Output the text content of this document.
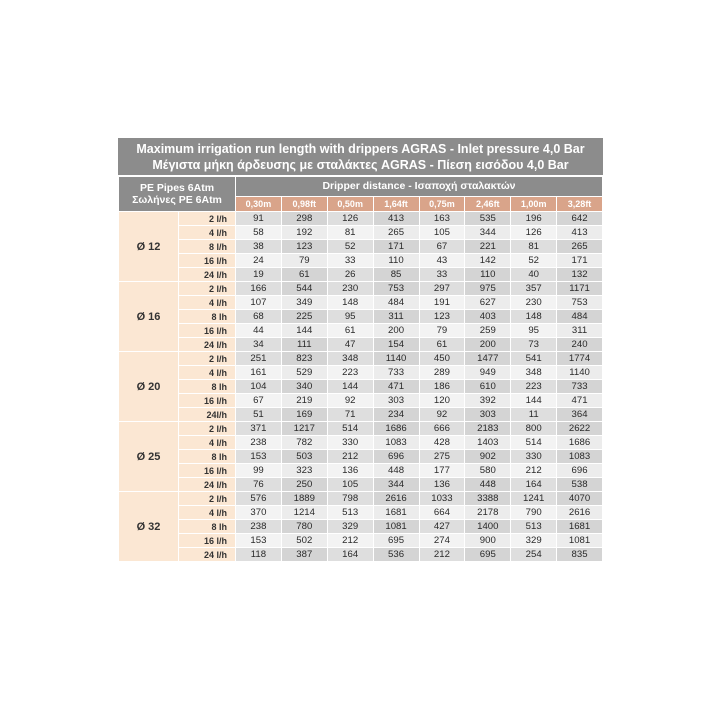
Maximum irrigation run length with drippers AGRAS - Inlet pressure 4,0 Bar
Μέγιστα μήκη άρδευσης με σταλάκτες AGRAS - Πίεση εισόδου 4,0 Bar
PE Pipes 6Atm
Σωλήνες PE 6Atm		Dripper distance - Ισαποχή σταλακτών							
		0,30m	0,98ft	0,50m	1,64ft	0,75m	2,46ft	1,00m	3,28ft
Ø 12	2 l/h	91	298	126	413	163	535	196	642
	4 l/h	58	192	81	265	105	344	126	413
	8 l/h	38	123	52	171	67	221	81	265
	16 l/h	24	79	33	110	43	142	52	171
	24 l/h	19	61	26	85	33	110	40	132
Ø 16	2 l/h	166	544	230	753	297	975	357	1171
	4 l/h	107	349	148	484	191	627	230	753
	8 lh	68	225	95	311	123	403	148	484
	16 l/h	44	144	61	200	79	259	95	311
	24 l/h	34	111	47	154	61	200	73	240
Ø 20	2 l/h	251	823	348	1140	450	1477	541	1774
	4 l/h	161	529	223	733	289	949	348	1140
	8 lh	104	340	144	471	186	610	223	733
	16 l/h	67	219	92	303	120	392	144	471
	24l/h	51	169	71	234	92	303	11	364
Ø 25	2 l/h	371	1217	514	1686	666	2183	800	2622
	4 l/h	238	782	330	1083	428	1403	514	1686
	8 lh	153	503	212	696	275	902	330	1083
	16 l/h	99	323	136	448	177	580	212	696
	24 l/h	76	250	105	344	136	448	164	538
Ø 32	2 l/h	576	1889	798	2616	1033	3388	1241	4070
	4 l/h	370	1214	513	1681	664	2178	790	2616
	8 lh	238	780	329	1081	427	1400	513	1681
	16 l/h	153	502	212	695	274	900	329	1081
	24 l/h	118	387	164	536	212	695	254	835
